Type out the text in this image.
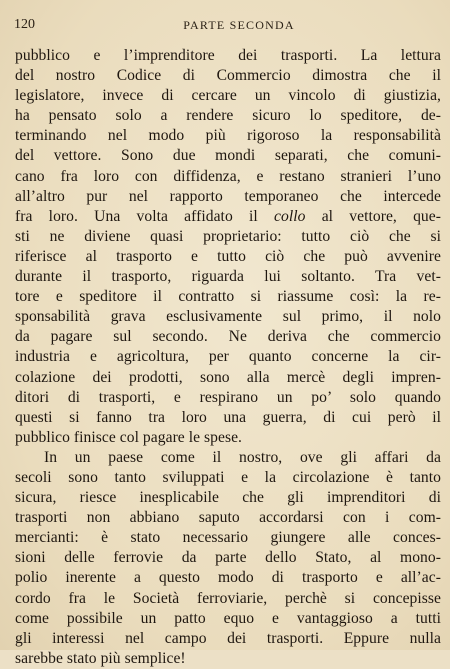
120	PARTE SECONDA
pubblico e l’imprenditore dei trasporti. La lettura
del nostro Codice di Commercio dimostra che il
legislatore, invece di cercare un vincolo di giustizia,
ha pensato solo a rendere sicuro lo speditore, de-
terminando nel modo più rigoroso la responsabilità
del vettore. Sono due mondi separati, che comuni-
cano fra loro con diffidenza, e restano stranieri l’uno
all’altro pur nel rapporto temporaneo che intercede
fra loro. Una volta affidato il collo al vettore, que-
sti ne diviene quasi proprietario: tutto ciò che si
riferisce al trasporto e tutto ciò che può avvenire
durante il trasporto, riguarda lui soltanto. Tra vet-
tore e speditore il contratto si riassume così: la re-
sponsabilità grava esclusivamente sul primo, il nolo
da pagare sul secondo. Ne deriva che commercio
industria e agricoltura, per quanto concerne la cir-
colazione dei prodotti, sono alla mercè degli impren-
ditori di trasporti, e respirano un po’ solo quando
questi si fanno tra loro una guerra, di cui però il
pubblico finisce col pagare le spese.
In un paese come il nostro, ove gli affari da
secoli sono tanto sviluppati e la circolazione è tanto
sicura, riesce inesplicabile che gli imprenditori di
trasporti non abbiano saputo accordarsi con i com-
mercianti: è stato necessario giungere alle conces-
sioni delle ferrovie da parte dello Stato, al mono-
polio inerente a questo modo di trasporto e all’ac-
cordo fra le Società ferroviarie, perchè si concepisse
come possibile un patto equo e vantaggioso a tutti
gli interessi nel campo dei trasporti. Eppure nulla
sarebbe stato più semplice!
